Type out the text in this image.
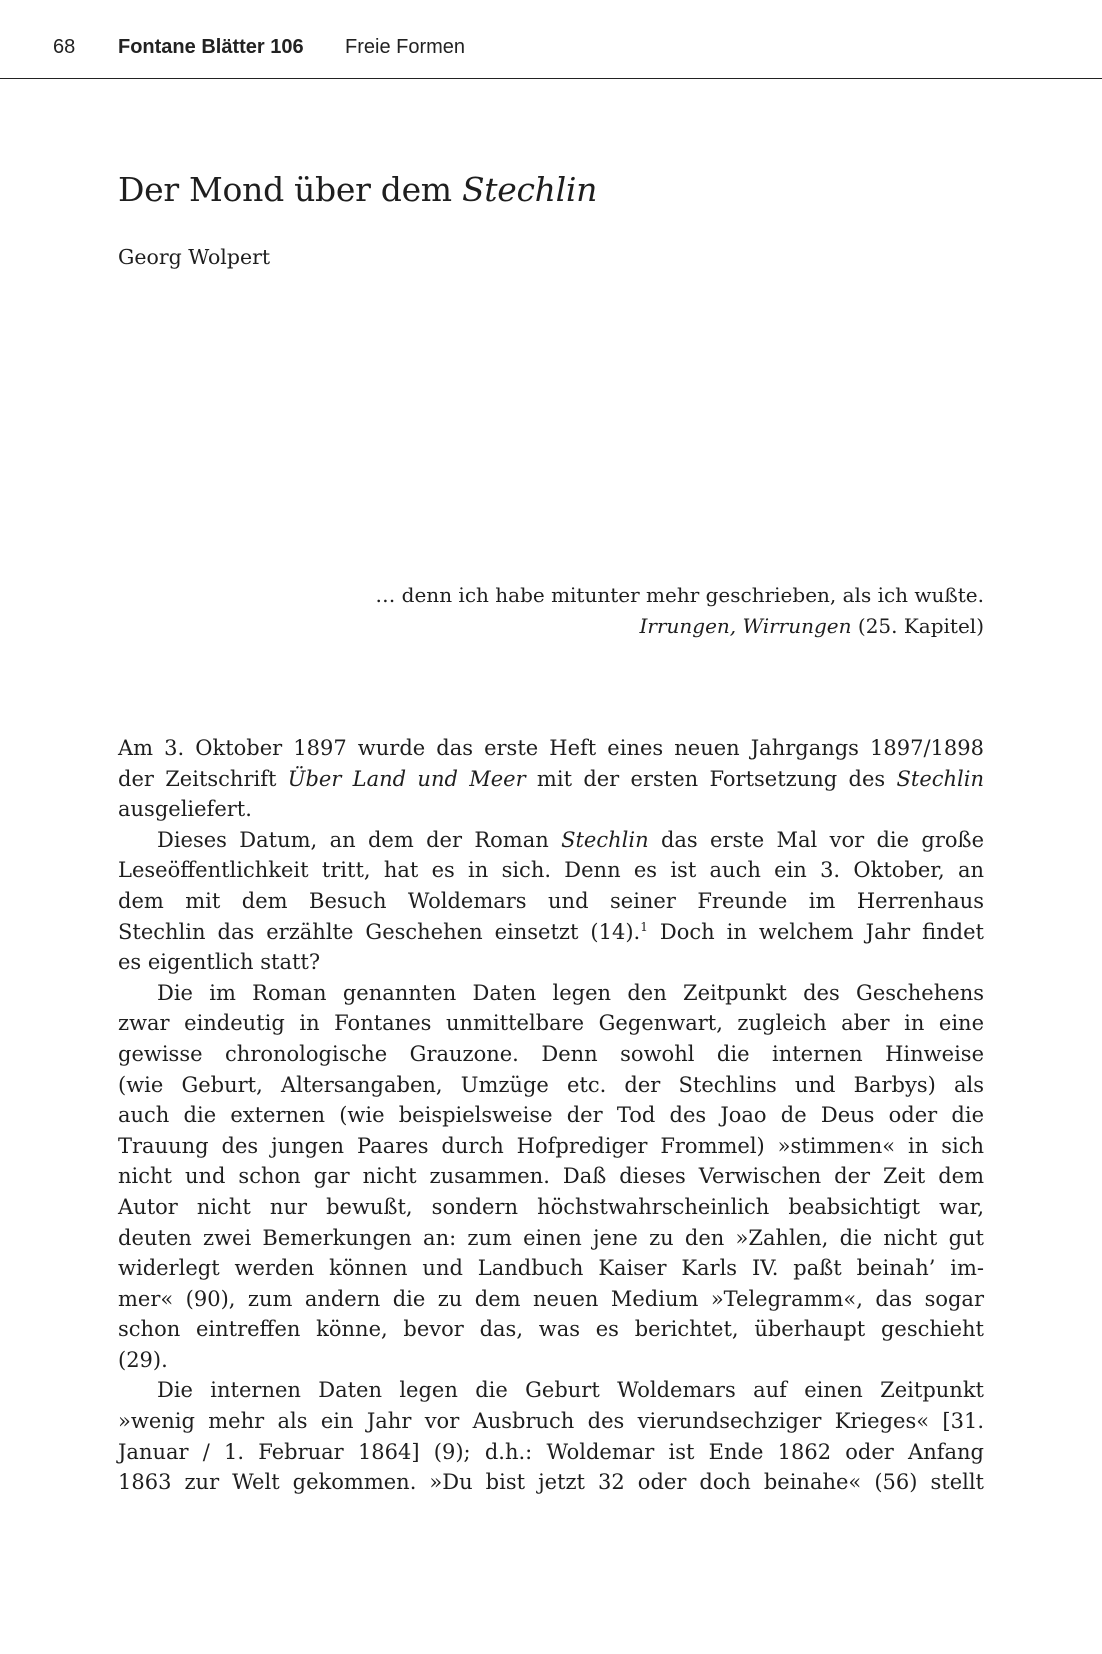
68 Fontane Blätter 106 Freie Formen
Der Mond über dem Stechlin
Georg Wolpert
… denn ich habe mitunter mehr geschrieben, als ich wußte.
Irrungen, Wirrungen (25. Kapitel)
Am 3. Oktober 1897 wurde das erste Heft eines neuen Jahrgangs 1897/1898
der Zeitschrift Über Land und Meer mit der ersten Fortsetzung des Stechlin
ausgeliefert.
Dieses Datum, an dem der Roman Stechlin das erste Mal vor die große
Leseöffentlichkeit tritt, hat es in sich. Denn es ist auch ein 3. Oktober, an
dem mit dem Besuch Woldemars und seiner Freunde im Herrenhaus
Stechlin das erzählte Geschehen einsetzt (14).$^1$ Doch in welchem Jahr findet
es eigentlich statt?
Die im Roman genannten Daten legen den Zeitpunkt des Geschehens
zwar eindeutig in Fontanes unmittelbare Gegenwart, zugleich aber in eine
gewisse chronologische Grauzone. Denn sowohl die internen Hinweise
(wie Geburt, Altersangaben, Umzüge etc. der Stechlins und Barbys) als
auch die externen (wie beispielsweise der Tod des Joao de Deus oder die
Trauung des jungen Paares durch Hofprediger Frommel) »stimmen« in sich
nicht und schon gar nicht zusammen. Daß dieses Verwischen der Zeit dem
Autor nicht nur bewußt, sondern höchstwahrscheinlich beabsichtigt war,
deuten zwei Bemerkungen an: zum einen jene zu den »Zahlen, die nicht gut
widerlegt werden können und Landbuch Kaiser Karls IV. paßt beinah’ im-
mer« (90), zum andern die zu dem neuen Medium »Telegramm«, das sogar
schon eintreffen könne, bevor das, was es berichtet, überhaupt geschieht
(29).
Die internen Daten legen die Geburt Woldemars auf einen Zeitpunkt
»wenig mehr als ein Jahr vor Ausbruch des vierundsechziger Krieges« [31.
Januar / 1. Februar 1864] (9); d.h.: Woldemar ist Ende 1862 oder Anfang
1863 zur Welt gekommen. »Du bist jetzt 32 oder doch beinahe« (56) stellt
